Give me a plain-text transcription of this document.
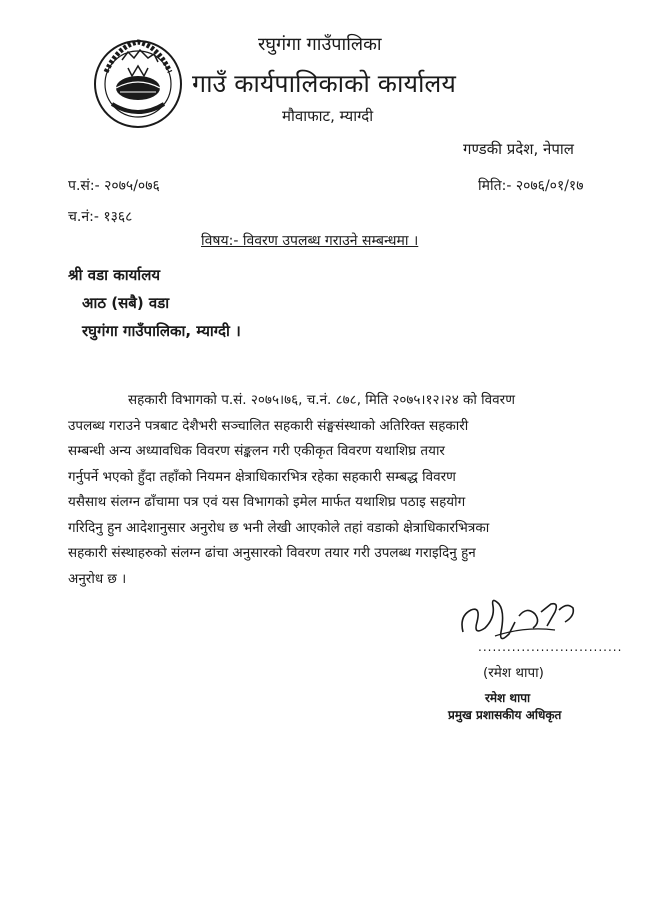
रघुगंगा गाउँपालिका
गाउँ कार्यपालिकाको कार्यालय
मौवाफाट, म्याग्दी
गण्डकी प्रदेश, नेपाल
प.सं:- २०७५/०७६	मिति:- २०७६/०१/१७
च.नं:- १३६८
विषय:- विवरण उपलब्ध गराउने सम्बन्धमा ।
श्री वडा कार्यालय
आठ (सबै) वडा
रघुगंगा गाउँपालिका, म्याग्दी ।
सहकारी विभागको प.सं. २०७५।७६, च.नं. ८७८, मिति २०७५।१२।२४ को विवरण
उपलब्ध गराउने पत्रबाट देशैभरी सञ्चालित सहकारी संङ्घसंस्थाको अतिरिक्त सहकारी
सम्बन्धी अन्य अध्यावधिक विवरण संङ्कलन गरी एकीकृत विवरण यथाशिघ्र तयार
गर्नुपर्ने भएको हुँदा तहाँको नियमन क्षेत्राधिकारभित्र रहेका सहकारी सम्बद्ध विवरण
यसैसाथ संलग्न ढाँचामा पत्र एवं यस विभागको इमेल मार्फत यथाशिघ्र पठाइ सहयोग
गरिदिनु हुन आदेशानुसार अनुरोध छ भनी लेखी आएकोले तहां वडाको क्षेत्राधिकारभित्रका
सहकारी संस्थाहरुको संलग्न ढांचा अनुसारको विवरण तयार गरी उपलब्ध गराइदिनु हुन
अनुरोध छ ।
..............................
(रमेश थापा)
रमेश थापा
प्रमुख प्रशासकीय अधिकृत
